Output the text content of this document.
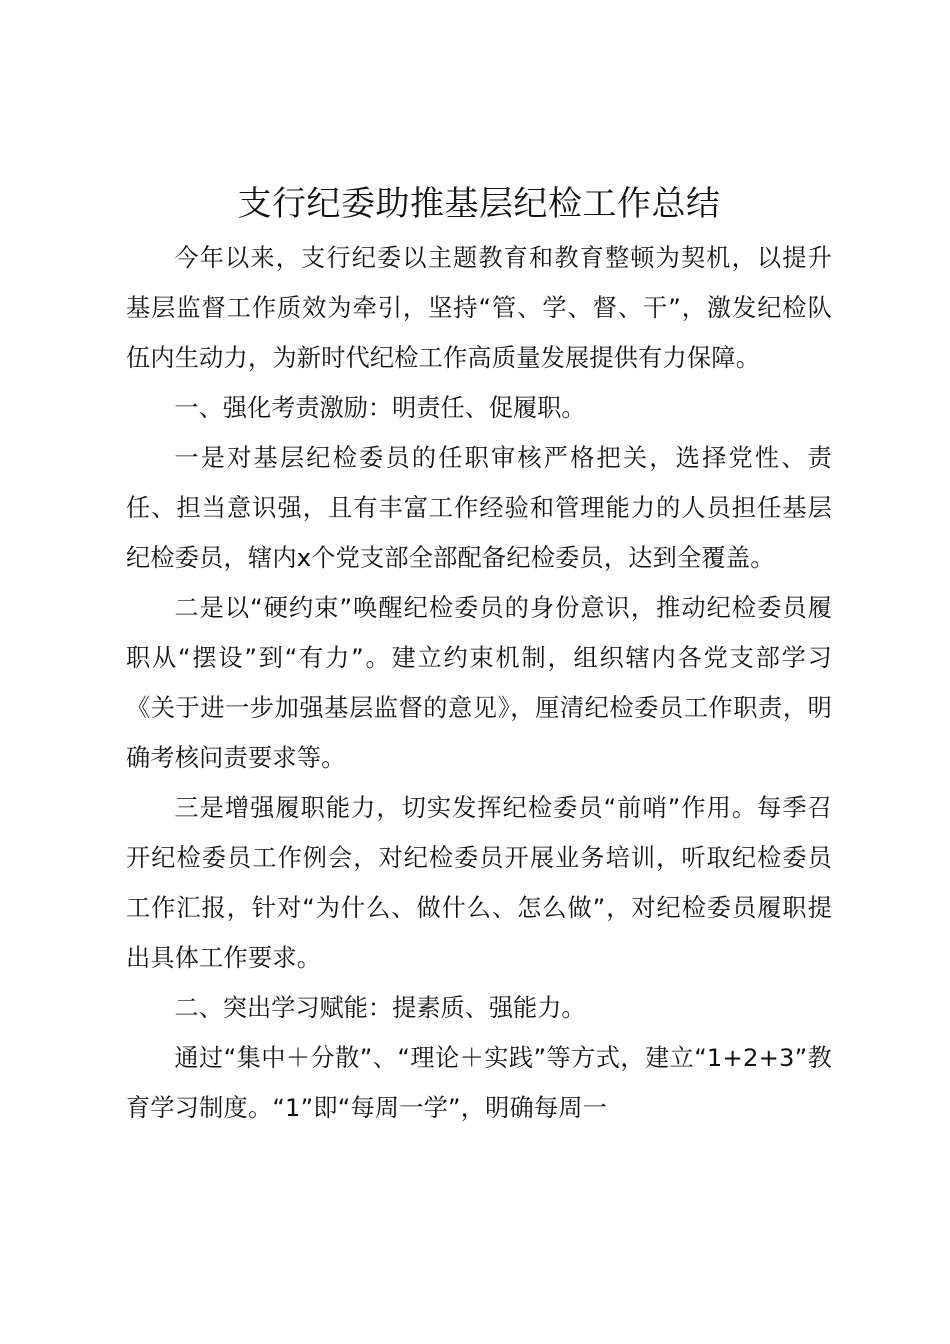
支行纪委助推基层纪检工作总结

今年以来，支行纪委以主题教育和教育整顿为契机，以提升基层监督工作质效为牵引，坚持“管、学、督、干”，激发纪检队伍内生动力，为新时代纪检工作高质量发展提供有力保障。

一、强化考责激励：明责任、促履职。

一是对基层纪检委员的任职审核严格把关，选择党性、责任、担当意识强，且有丰富工作经验和管理能力的人员担任基层纪检委员，辖内x个党支部全部配备纪检委员，达到全覆盖。

二是以“硬约束”唤醒纪检委员的身份意识，推动纪检委员履职从“摆设”到“有力”。建立约束机制，组织辖内各党支部学习《关于进一步加强基层监督的意见》，厘清纪检委员工作职责，明确考核问责要求等。

三是增强履职能力，切实发挥纪检委员“前哨”作用。每季召开纪检委员工作例会，对纪检委员开展业务培训，听取纪检委员工作汇报，针对“为什么、做什么、怎么做”，对纪检委员履职提出具体工作要求。

二、突出学习赋能：提素质、强能力。

通过“集中＋分散”、“理论＋实践”等方式，建立“1+2+3”教育学习制度。“1”即“每周一学”，明确每周一
